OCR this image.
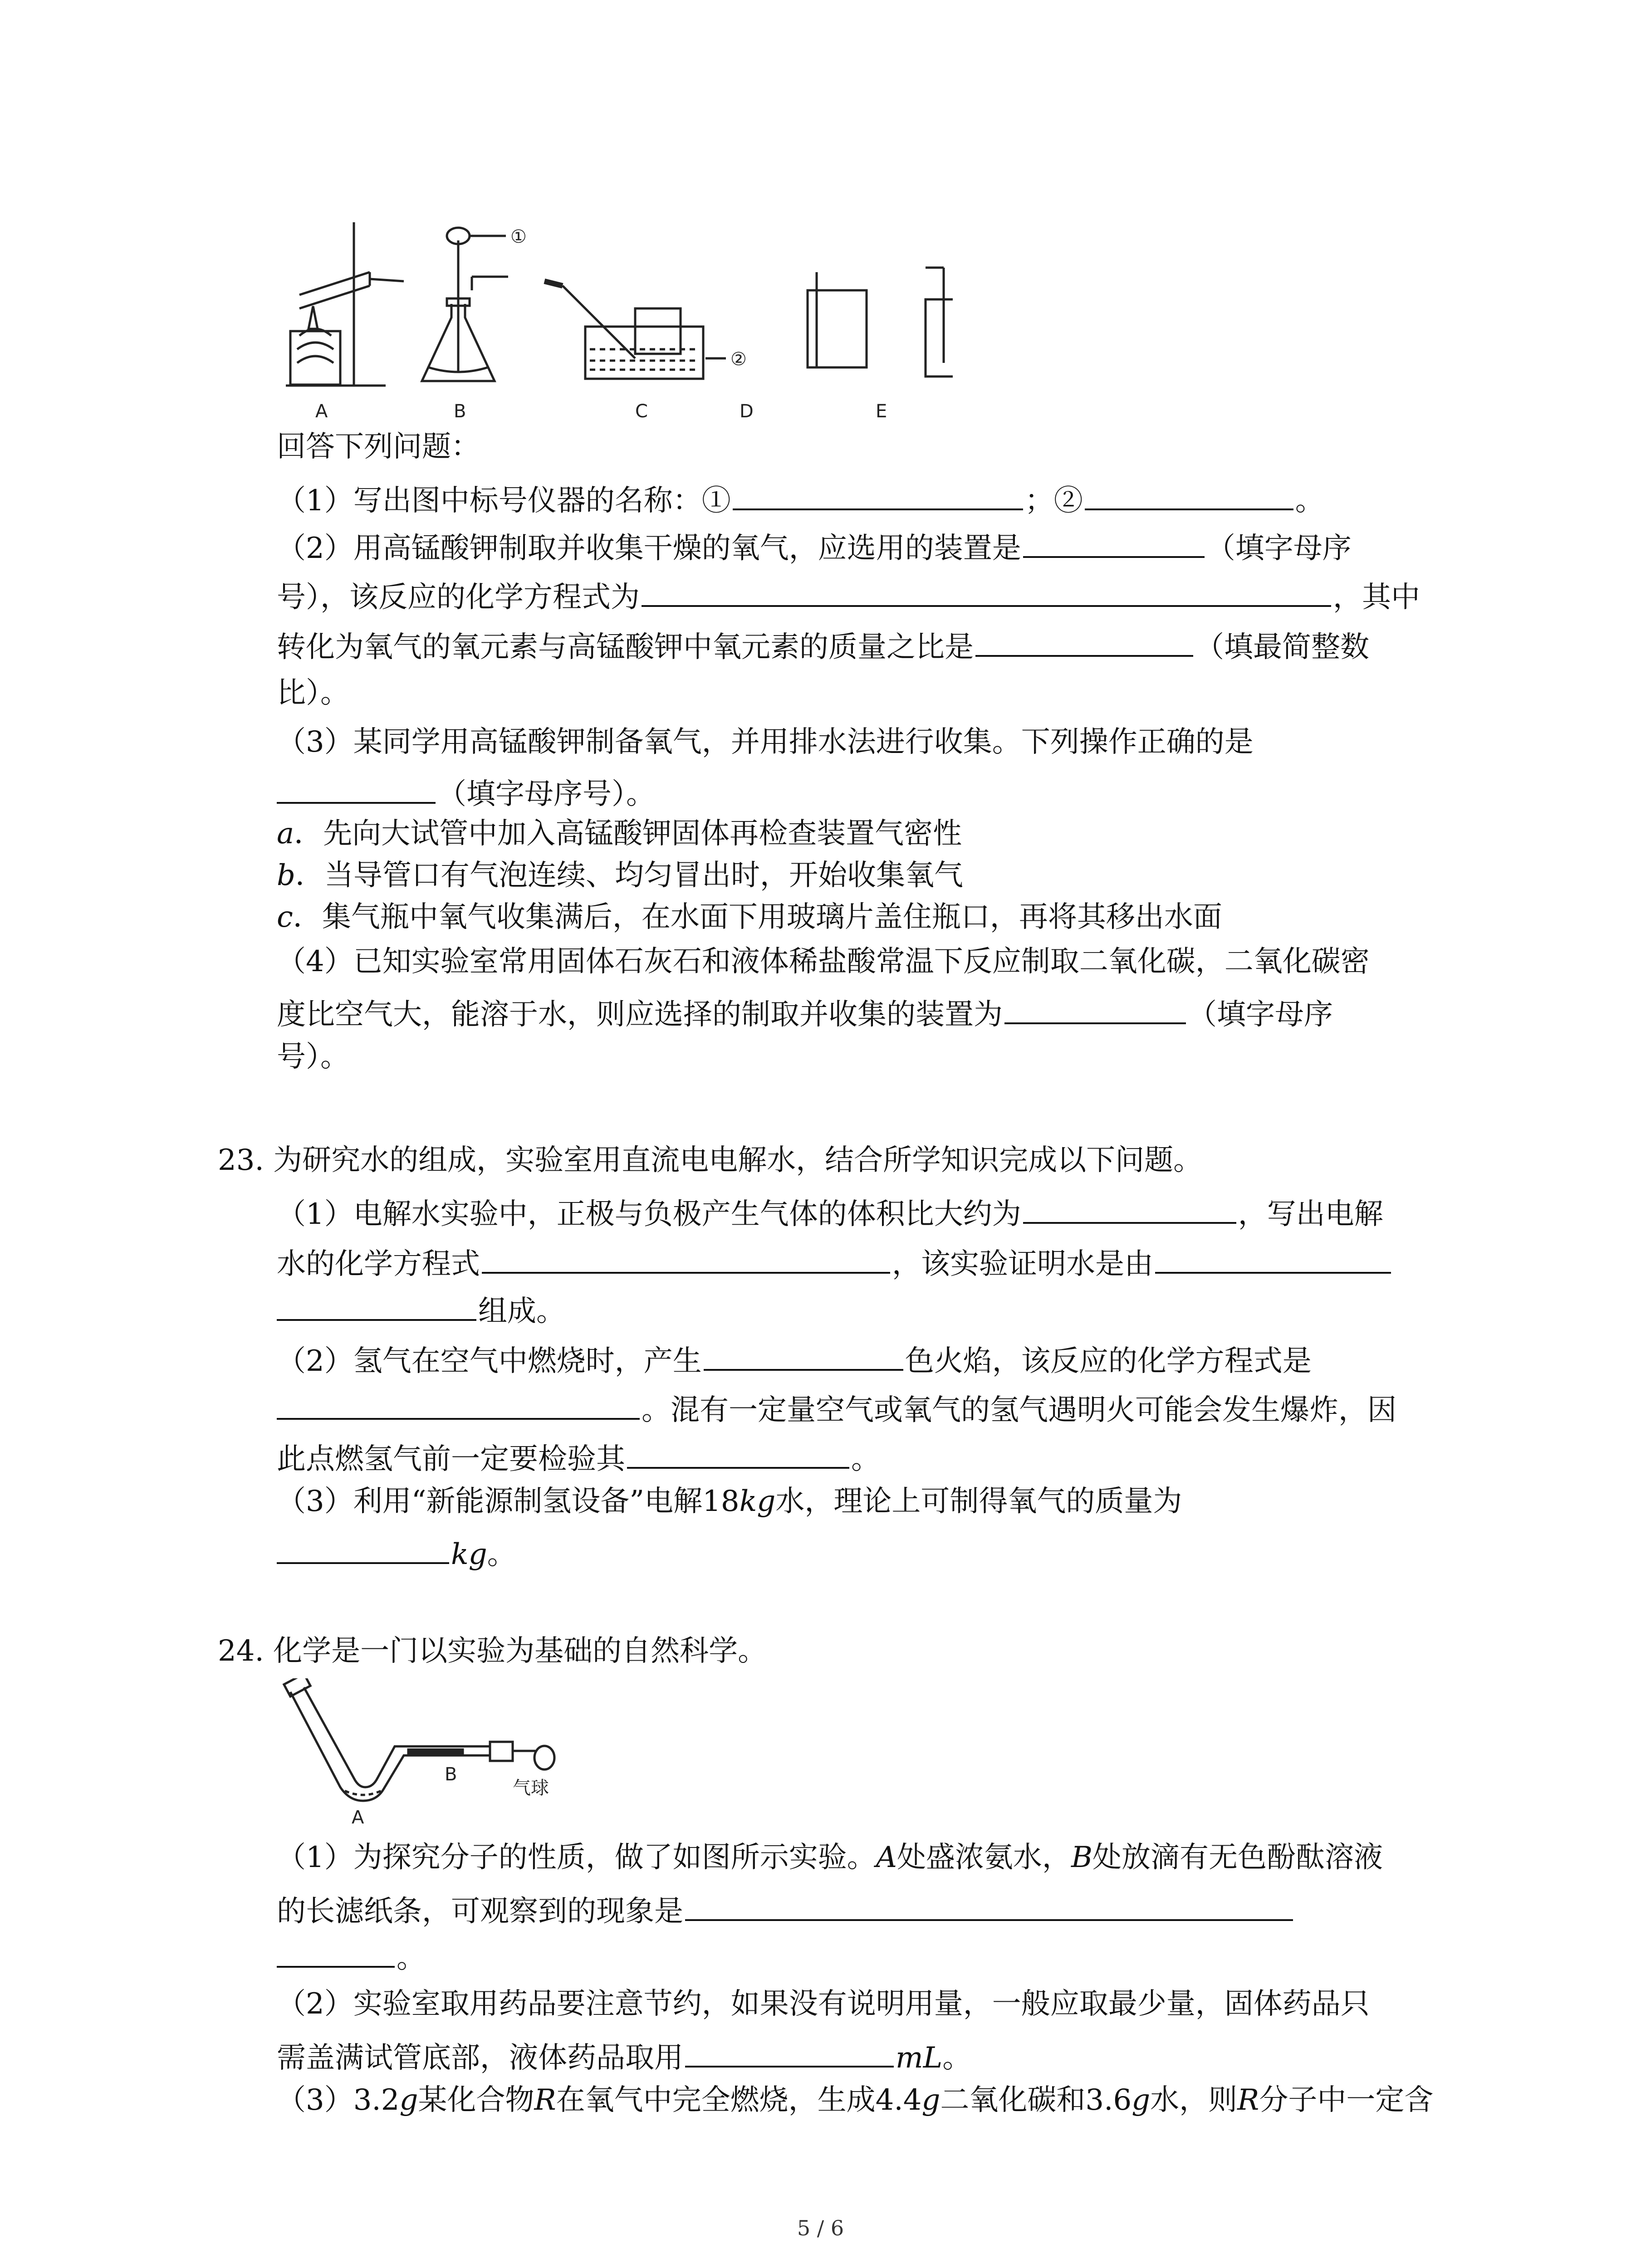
A	B	C	D	E
①
②
回答下列问题：
（1）写出图中标号仪器的名称：①	；②	。
（2）用高锰酸钾制取并收集干燥的氧气，应选用的装置是	（填字母序
号），该反应的化学方程式为	，其中
转化为氧气的氧元素与高锰酸钾中氧元素的质量之比是	（填最简整数
比）。
（3）某同学用高锰酸钾制备氧气，并用排水法进行收集。下列操作正确的是
（填字母序号）。
a．先向大试管中加入高锰酸钾固体再检查装置气密性
b．当导管口有气泡连续、均匀冒出时，开始收集氧气
c．集气瓶中氧气收集满后，在水面下用玻璃片盖住瓶口，再将其移出水面
（4）已知实验室常用固体石灰石和液体稀盐酸常温下反应制取二氧化碳，二氧化碳密
度比空气大，能溶于水，则应选择的制取并收集的装置为	（填字母序
号）。
23. 为研究水的组成，实验室用直流电电解水，结合所学知识完成以下问题。
（1）电解水实验中，正极与负极产生气体的体积比大约为	，写出电解
水的化学方程式	，该实验证明水是由
组成。
（2）氢气在空气中燃烧时，产生	色火焰，该反应的化学方程式是
。混有一定量空气或氧气的氢气遇明火可能会发生爆炸，因
此点燃氢气前一定要检验其	。
（3）利用“新能源制氢设备”电解18kg水，理论上可制得氧气的质量为
kg。
24. 化学是一门以实验为基础的自然科学。
A
B
气球
（1）为探究分子的性质，做了如图所示实验。A处盛浓氨水，B处放滴有无色酚酞溶液
的长滤纸条，可观察到的现象是
。
（2）实验室取用药品要注意节约，如果没有说明用量，一般应取最少量，固体药品只
需盖满试管底部，液体药品取用	mL。
（3）3.2g某化合物R在氧气中完全燃烧，生成4.4g二氧化碳和3.6g水，则R分子中一定含
5 / 6
